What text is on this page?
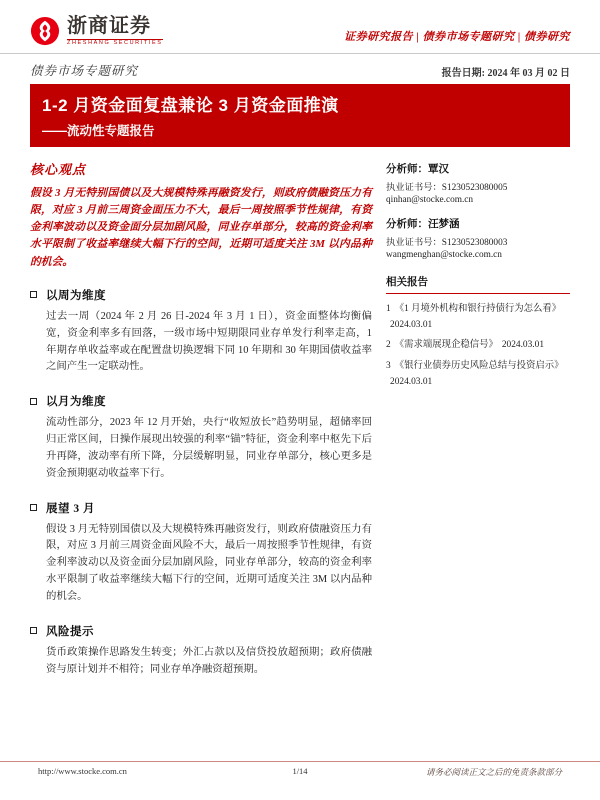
浙商证券
ZHESHANG SECURITIES	证券研究报告 | 债券市场专题研究 | 债券研究
债券市场专题研究	报告日期: 2024 年 03 月 02 日
1-2 月资金面复盘兼论 3 月资金面推演
——流动性专题报告
核心观点
假设 3 月无特别国债以及大规模特殊再融资发行，则政府债融资压力有限，对应 3 月前三周资金面压力不大，最后一周按照季节性规律，有资金利率波动以及资金面分层加剧风险，同业存单部分，较高的资金利率水平限制了收益率继续大幅下行的空间，近期可适度关注 3M 以内品种的机会。
以周为维度
过去一周（2024 年 2 月 26 日-2024 年 3 月 1 日），资金面整体均衡偏宽，资金利率多有回落，一级市场中短期限同业存单发行利率走高，1 年期存单收益率或在配置盘切换逻辑下同 10 年期和 30 年期国债收益率之间产生一定联动性。
以月为维度
流动性部分，2023 年 12 月开始，央行“收短放长”趋势明显，超储率回归正常区间，日操作展现出较强的利率“锚”特征，资金利率中枢先下后升再降，波动率有所下降，分层缓解明显，同业存单部分，核心更多是资金预期驱动收益率下行。
展望 3 月
假设 3 月无特别国债以及大规模特殊再融资发行，则政府债融资压力有限，对应 3 月前三周资金面风险不大，最后一周按照季节性规律，有资金利率波动以及资金面分层加剧风险，同业存单部分，较高的资金利率水平限制了收益率继续大幅下行的空间，近期可适度关注 3M 以内品种的机会。
风险提示
货币政策操作思路发生转变；外汇占款以及信贷投放超预期；政府债融资与原计划并不相符；同业存单净融资超预期。
分析师：覃汉
执业证书号：S1230523080005
qinhan@stocke.com.cn
分析师：汪梦涵
执业证书号：S1230523080003
wangmenghan@stocke.com.cn
相关报告
1 《1 月境外机构和银行持债行为怎么看》2024.03.01
2 《需求端展现企稳信号》 2024.03.01
3 《银行业债券历史风险总结与投资启示》2024.03.01
http://www.stocke.com.cn	1/14	请务必阅读正文之后的免责条款部分
